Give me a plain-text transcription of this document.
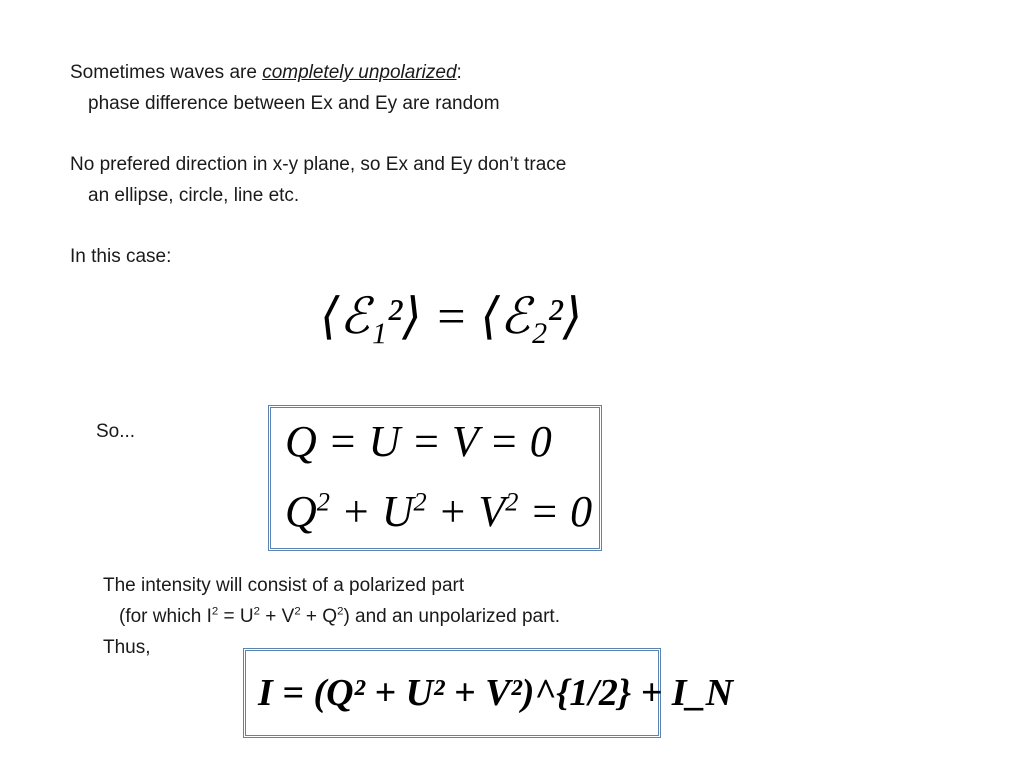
Sometimes waves are completely unpolarized:
phase difference between Ex and Ey are random
No prefered direction in x-y plane, so Ex and Ey don’t trace
an ellipse, circle, line etc.
In this case:
⟨ℰ₁²⟩ = ⟨ℰ₂²⟩
So...	Q = U = V = 0
$Q^2 + U^2 + V^2 = 0$
The intensity will consist of a polarized part
(for which $I^2 = U^2 + V^2 + Q^2$) and an unpolarized part.
Thus,
I = (Q² + U² + V²)^{1/2} + I_N
